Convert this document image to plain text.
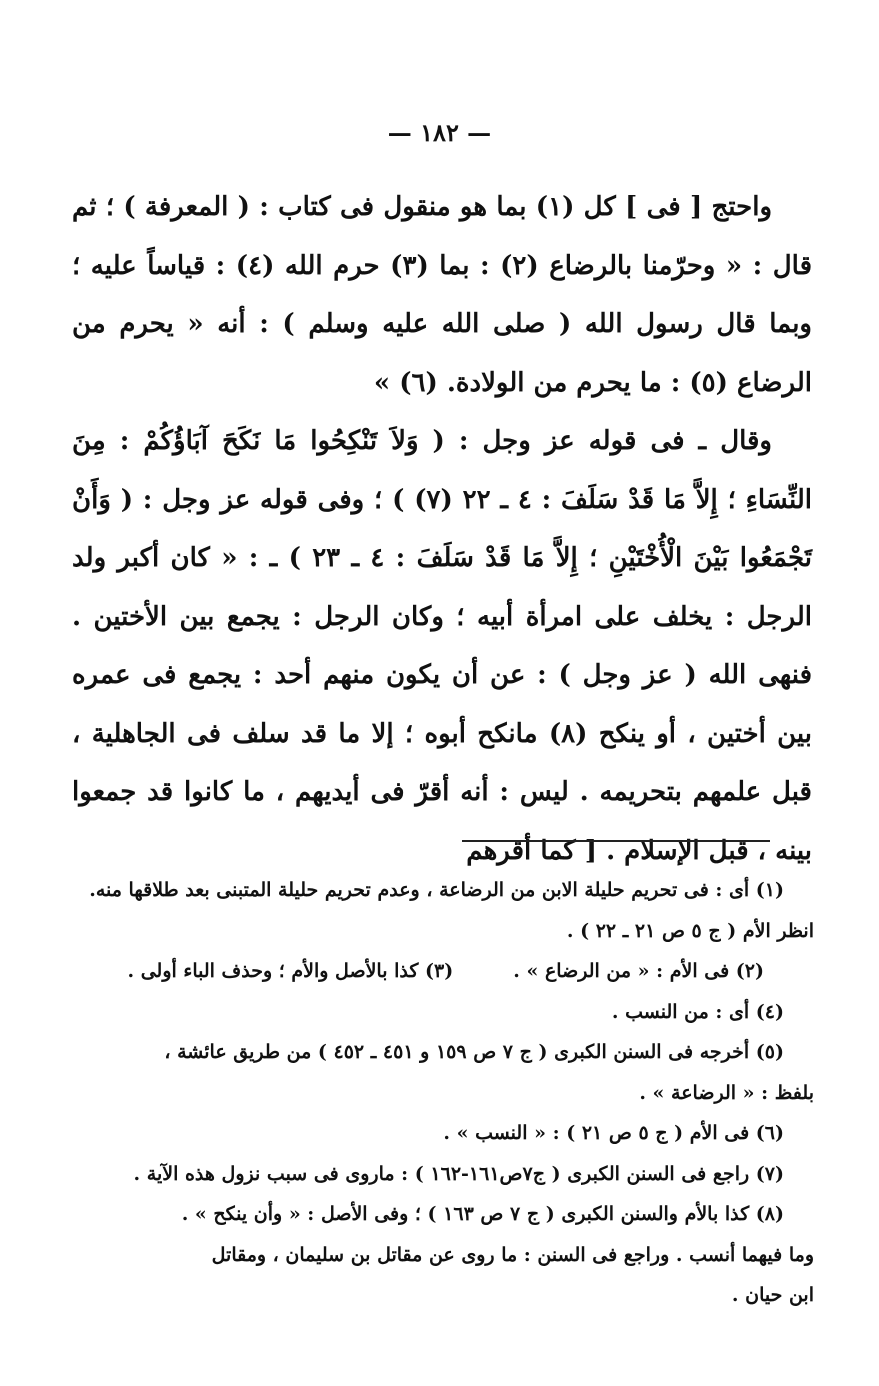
— ١٨٢ —

واحتج [ فى ] كل (١) بما هو منقول فى كتاب : ( المعرفة ) ؛ ثم قال : « وحرّمنا بالرضاع (٢) : بما (٣) حرم الله (٤) : قياساً عليه ؛ وبما قال رسول الله ( صلى الله عليه وسلم ) : أنه « يحرم من الرضاع (٥) : ما يحرم من الولادة. (٦) »

وقال ـ فى قوله عز وجل : ( وَلاَ تَنْكِحُوا مَا نَكَحَ آبَاؤُكُمْ : مِنَ النِّسَاءِ ؛ إِلاَّ مَا قَدْ سَلَفَ : ٤ ـ ٢٢ (٧) ) ؛ وفى قوله عز وجل : ( وَأَنْ تَجْمَعُوا بَيْنَ الْأُخْتَيْنِ ؛ إِلاَّ مَا قَدْ سَلَفَ : ٤ ـ ٢٣ ) ـ : « كان أكبر ولد الرجل : يخلف على امرأة أبيه ؛ وكان الرجل : يجمع بين الأختين . فنهى الله ( عز وجل ) : عن أن يكون منهم أحد : يجمع فى عمره بين أختين ، أو ينكح (٨) مانكح أبوه ؛ إلا ما قد سلف فى الجاهلية ، قبل علمهم بتحريمه . ليس : أنه أقرّ فى أيديهم ، ما كانوا قد جمعوا بينه ، قبل الإسلام . [ كما أقرهم

(١) أى : فى تحريم حليلة الابن من الرضاعة ، وعدم تحريم حليلة المتبنى بعد طلاقها منه.

انظر الأم ( ج ٥ ص ٢١ ـ ٢٢ ) .

(٢) فى الأم : « من الرضاع » .
(٣) كذا بالأصل والأم ؛ وحذف الباء أولى .

(٤) أى : من النسب .

(٥) أخرجه فى السنن الكبرى ( ج ٧ ص ١٥٩ و ٤٥١ ـ ٤٥٢ ) من طريق عائشة ،

بلفظ : « الرضاعة » .

(٦) فى الأم ( ج ٥ ص ٢١ ) : « النسب » .

(٧) راجع فى السنن الكبرى ( ج٧ص١٦١-١٦٢ ) : ماروى فى سبب نزول هذه الآية .

(٨) كذا بالأم والسنن الكبرى ( ج ٧ ص ١٦٣ ) ؛ وفى الأصل : « وأن ينكح » .

وما فيهما أنسب . وراجع فى السنن : ما روى عن مقاتل بن سليمان ، ومقاتل

ابن حيان .
